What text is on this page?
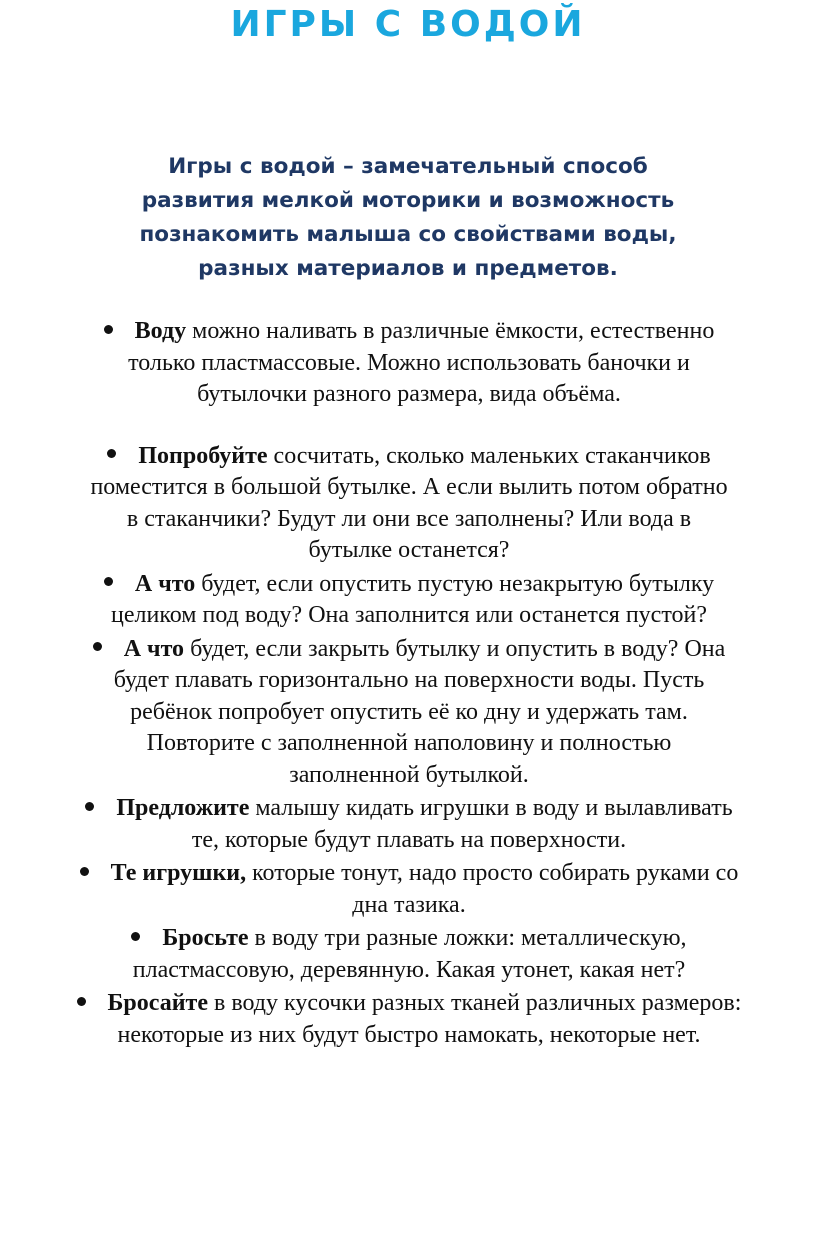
ИГРЫ С ВОДОЙ

Игры с водой – замечательный способ
развития мелкой моторики и возможность
познакомить малыша со свойствами воды,
разных материалов и предметов.

Воду можно наливать в различные ёмкости, естественно
только пластмассовые. Можно использовать баночки и
бутылочки разного размера, вида объёма.
Попробуйте сосчитать, сколько маленьких стаканчиков
поместится в большой бутылке. А если вылить потом обратно
в стаканчики? Будут ли они все заполнены? Или вода в
бутылке останется?
А что будет, если опустить пустую незакрытую бутылку
целиком под воду? Она заполнится или останется пустой?
А что будет, если закрыть бутылку и опустить в воду? Она
будет плавать горизонтально на поверхности воды. Пусть
ребёнок попробует опустить её ко дну и удержать там.
Повторите с заполненной наполовину и полностью
заполненной бутылкой.
Предложите малышу кидать игрушки в воду и вылавливать
те, которые будут плавать на поверхности.
Те игрушки, которые тонут, надо просто собирать руками со
дна тазика.
Бросьте в воду три разные ложки: металлическую,
пластмассовую, деревянную. Какая утонет, какая нет?
Бросайте в воду кусочки разных тканей различных размеров:
некоторые из них будут быстро намокать, некоторые нет.
